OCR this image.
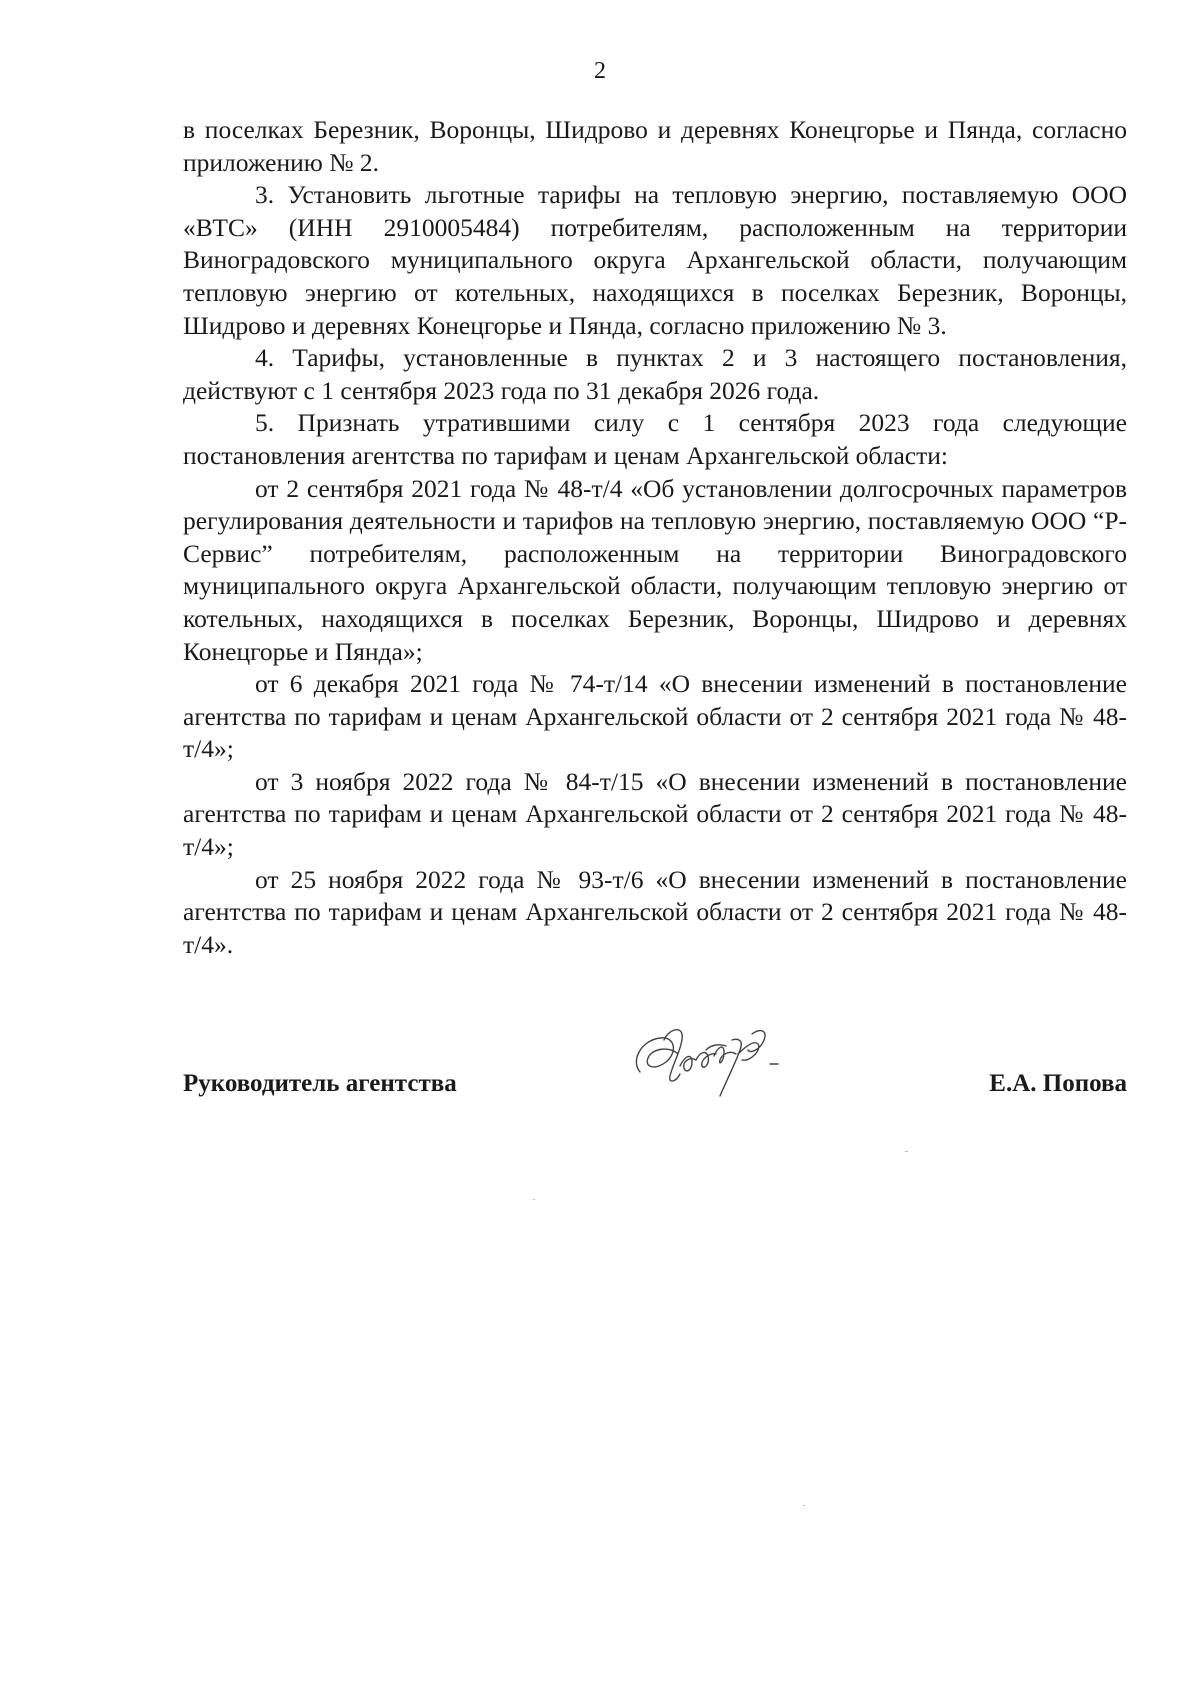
2

в поселках Березник, Воронцы, Шидрово и деревнях Конецгорье и Пянда, согласно приложению № 2.

3. Установить льготные тарифы на тепловую энергию, поставляемую ООО «ВТС» (ИНН 2910005484) потребителям, расположенным на территории Виноградовского муниципального округа Архангельской области, получающим тепловую энергию от котельных, находящихся в поселках Березник, Воронцы, Шидрово и деревнях Конецгорье и Пянда, согласно приложению № 3.

4. Тарифы, установленные в пунктах 2 и 3 настоящего постановления, действуют с 1 сентября 2023 года по 31 декабря 2026 года.

5. Признать утратившими силу с 1 сентября 2023 года следующие постановления агентства по тарифам и ценам Архангельской области:

от 2 сентября 2021 года № 48-т/4 «Об установлении долгосрочных параметров регулирования деятельности и тарифов на тепловую энергию, поставляемую ООО “Р-Сервис” потребителям, расположенным на территории Виноградовского муниципального округа Архангельской области, получающим тепловую энергию от котельных, находящихся в поселках Березник, Воронцы, Шидрово и деревнях Конецгорье и Пянда»;

от 6 декабря 2021 года № 74-т/14 «О внесении изменений в постановление агентства по тарифам и ценам Архангельской области от 2 сентября 2021 года № 48-т/4»;

от 3 ноября 2022 года № 84-т/15 «О внесении изменений в постановление агентства по тарифам и ценам Архангельской области от 2 сентября 2021 года № 48-т/4»;

от 25 ноября 2022 года № 93-т/6 «О внесении изменений в постановление агентства по тарифам и ценам Архангельской области от 2 сентября 2021 года № 48-т/4».

Руководитель агентства	Е.А. Попова
